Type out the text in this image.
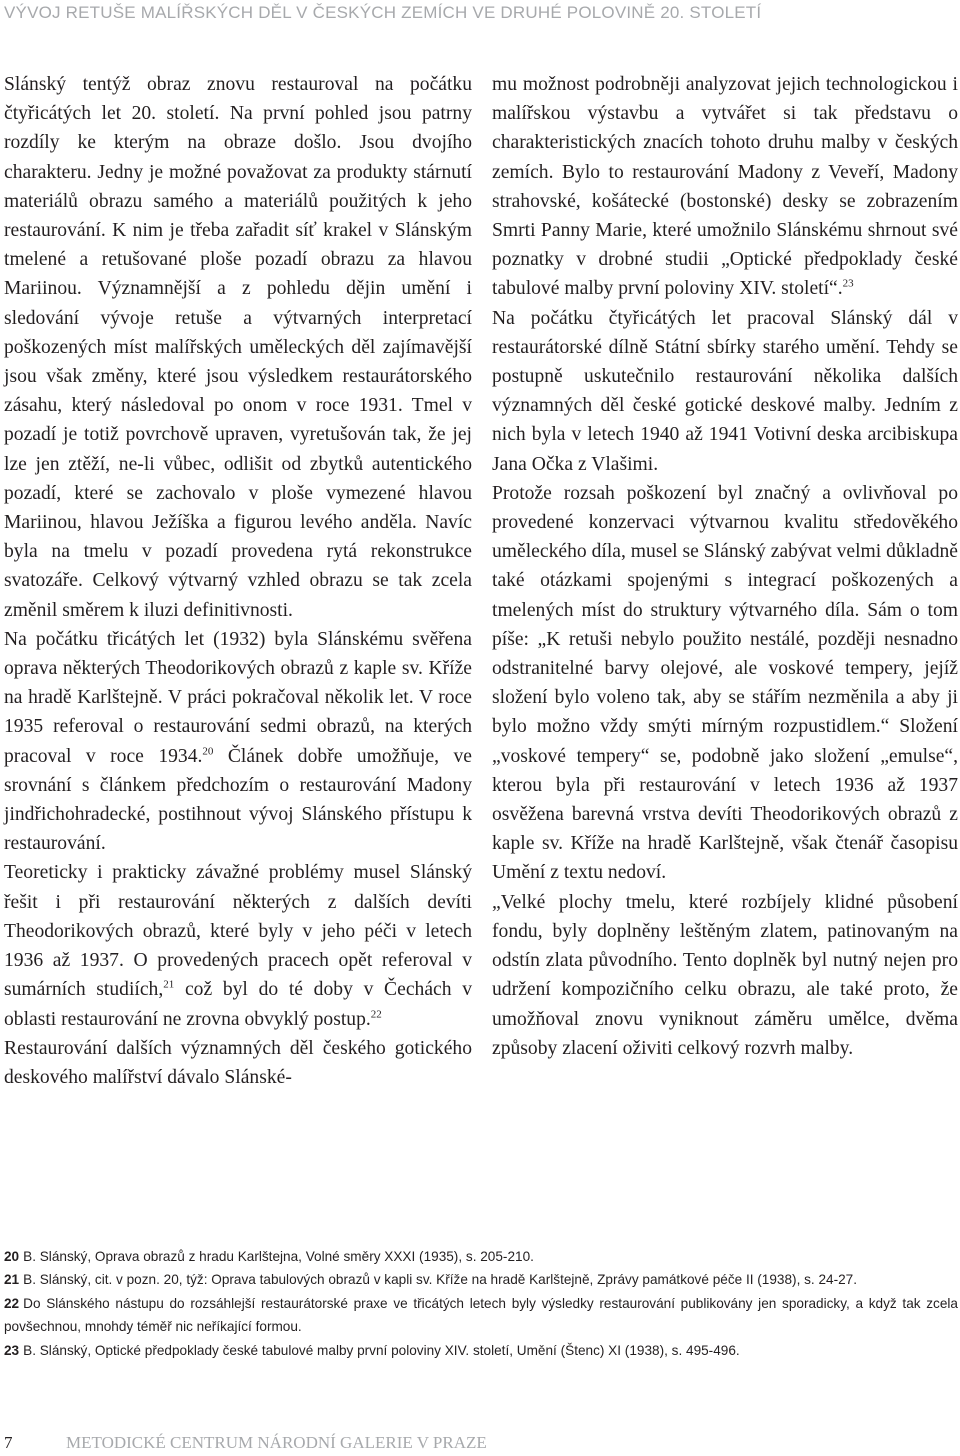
VÝVOJ RETUŠE MALÍŘSKÝCH DĚL V ČESKÝCH ZEMÍCH VE DRUHÉ POLOVINĚ 20. STOLETÍ

Slánský tentýž obraz znovu restauroval na počátku čtyřicátých let 20. století. Na první pohled jsou patrny rozdíly ke kterým na obraze došlo. Jsou dvojího charakteru. Jedny je možné považovat za produkty stárnutí materiálů obrazu samého a materiálů použitých k jeho restaurování. K nim je třeba zařadit síť krakel v Slánským tmelené a retušované ploše pozadí obrazu za hlavou Mariinou. Významnější a z pohledu dějin umění i sledování vývoje retuše a výtvarných interpretací poškozených míst malířských uměleckých děl zajímavější jsou však změny, které jsou výsledkem restaurátorského zásahu, který následoval po onom v roce 1931. Tmel v pozadí je totiž povrchově upraven, vyretušován tak, že jej lze jen ztěží, ne-li vůbec, odlišit od zbytků autentického pozadí, které se zachovalo v ploše vymezené hlavou Mariinou, hlavou Ježíška a figurou levého anděla. Navíc byla na tmelu v pozadí provedena rytá rekonstrukce svatozáře. Celkový výtvarný vzhled obrazu se tak zcela změnil směrem k iluzi definitivnosti.

Na počátku třicátých let (1932) byla Slánskému svěřena oprava některých Theodorikových obrazů z kaple sv. Kříže na hradě Karlštejně. V práci pokračoval několik let. V roce 1935 referoval o restaurování sedmi obrazů, na kterých pracoval v roce 1934.20 Článek dobře umožňuje, ve srovnání s článkem předchozím o restaurování Madony jindřichohradecké, postihnout vývoj Slánského přístupu k restaurování.

Teoreticky i prakticky závažné problémy musel Slánský řešit i při restaurování některých z dalších devíti Theodorikových obrazů, které byly v jeho péči v letech 1936 až 1937. O provedených pracech opět referoval v sumárních studiích,$^{21}$ což byl do té doby v Čechách v oblasti restaurování ne zrovna obvyklý postup.$^{22}$

Restaurování dalších významných děl českého gotického deskového malířství dávalo Slánské-

mu možnost podrobněji analyzovat jejich technologickou i malířskou výstavbu a vytvářet si tak představu o charakteristických znacích tohoto druhu malby v českých zemích. Bylo to restaurování Madony z Veveří, Madony strahovské, košátecké (bostonské) desky se zobrazením Smrti Panny Marie, které umožnilo Slánskému shrnout své poznatky v drobné studii „Optické předpoklady české tabulové malby první poloviny XIV. století“.$^{23}$

Na počátku čtyřicátých let pracoval Slánský dál v restaurátorské dílně Státní sbírky starého umění. Tehdy se postupně uskutečnilo restaurování několika dalších významných děl české gotické deskové malby. Jedním z nich byla v letech 1940 až 1941 Votivní deska arcibiskupa Jana Očka z Vlašimi.

Protože rozsah poškození byl značný a ovlivňoval po provedené konzervaci výtvarnou kvalitu středověkého uměleckého díla, musel se Slánský zabývat velmi důkladně také otázkami spojenými s integrací poškozených a tmelených míst do struktury výtvarného díla. Sám o tom píše: „K retuši nebylo použito nestálé, později nesnadno odstranitelné barvy olejové, ale voskové tempery, jejíž složení bylo voleno tak, aby se stářím nezměnila a aby ji bylo možno vždy smýti mírným rozpustidlem.“ Složení „voskové tempery“ se, podobně jako složení „emulse“, kterou byla při restaurování v letech 1936 až 1937 osvěžena barevná vrstva devíti Theodorikových obrazů z kaple sv. Kříže na hradě Karlštejně, však čtenář časopisu Umění z textu nedoví.

„Velké plochy tmelu, které rozbíjely klidné působení fondu, byly doplněny leštěným zlatem, patinovaným na odstín zlata původního. Tento doplněk byl nutný nejen pro udržení kompozičního celku obrazu, ale také proto, že umožňoval znovu vyniknout záměru umělce, dvěma způsoby zlacení oživiti celkový rozvrh malby.

20 B. Slánský, Oprava obrazů z hradu Karlštejna, Volné směry XXXI (1935), s. 205-210.

21 B. Slánský, cit. v pozn. 20, týž: Oprava tabulových obrazů v kapli sv. Kříže na hradě Karlštejně, Zprávy památkové péče II (1938), s. 24-27.

22 Do Slánského nástupu do rozsáhlejší restaurátorské praxe ve třicátých letech byly výsledky restaurování publikovány jen sporadicky, a když tak zcela povšechnou, mnohdy téměř nic neříkající formou.

23 B. Slánský, Optické předpoklady české tabulové malby první poloviny XIV. století, Umění (Štenc) XI (1938), s. 495-496.

7	METODICKÉ CENTRUM NÁRODNÍ GALERIE V PRAZE
